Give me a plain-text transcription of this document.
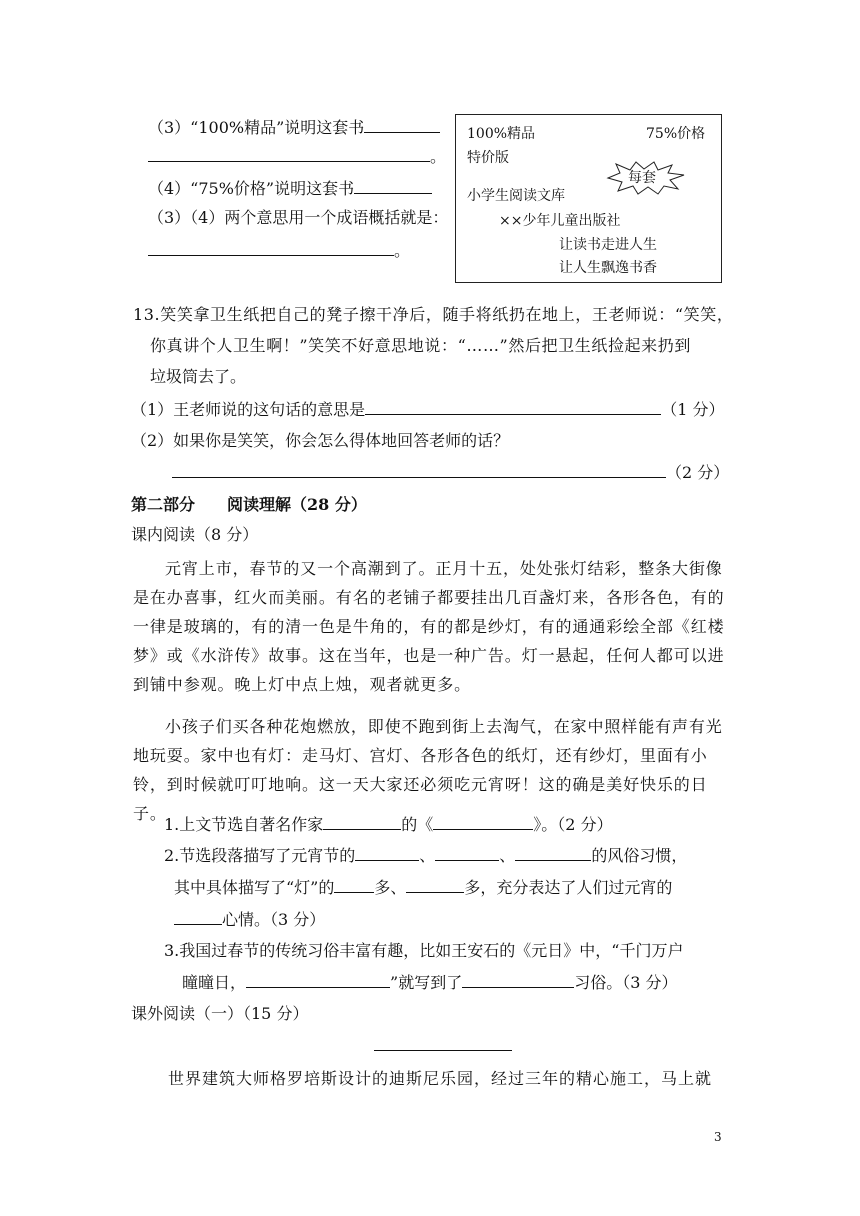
（3）“100%精品”说明这套书
。
（4）“75%价格”说明这套书
（3）（4）两个意思用一个成语概括就是：
。
100%精品	75%价格
特价版
每套
小学生阅读文库
××少年儿童出版社
让读书走进人生
让人生飘逸书香
13.笑笑拿卫生纸把自己的凳子擦干净后，随手将纸扔在地上，王老师说：“笑笑，
你真讲个人卫生啊！”笑笑不好意思地说：“……”然后把卫生纸捡起来扔到
垃圾筒去了。
（1）王老师说的这句话的意思是	（1 分）
（2）如果你是笑笑，你会怎么得体地回答老师的话？
（2 分）
第二部分　　阅读理解（28 分）
课内阅读（8 分）
元宵上市，春节的又一个高潮到了。正月十五，处处张灯结彩，整条大街像是在办喜事，红火而美丽。有名的老铺子都要挂出几百盏灯来，各形各色，有的一律是玻璃的，有的清一色是牛角的，有的都是纱灯，有的通通彩绘全部《红楼梦》或《水浒传》故事。这在当年，也是一种广告。灯一悬起，任何人都可以进到铺中参观。晚上灯中点上烛，观者就更多。
小孩子们买各种花炮燃放，即使不跑到街上去淘气，在家中照样能有声有光地玩耍。家中也有灯：走马灯、宫灯、各形各色的纸灯，还有纱灯，里面有小铃，到时候就叮叮地响。这一天大家还必须吃元宵呀！这的确是美好快乐的日子。
1.上文节选自著名作家	的《	》。（2 分）
2.节选段落描写了元宵节的	、	、	的风俗习惯，
其中具体描写了“灯”的	多、	多，充分表达了人们过元宵的
心情。（3 分）
3.我国过春节的传统习俗丰富有趣，比如王安石的《元日》中，“千门万户
曈曈日，	”就写到了	习俗。（3 分）
课外阅读（一）（15 分）
世界建筑大师格罗培斯设计的迪斯尼乐园，经过三年的精心施工，马上就
3
